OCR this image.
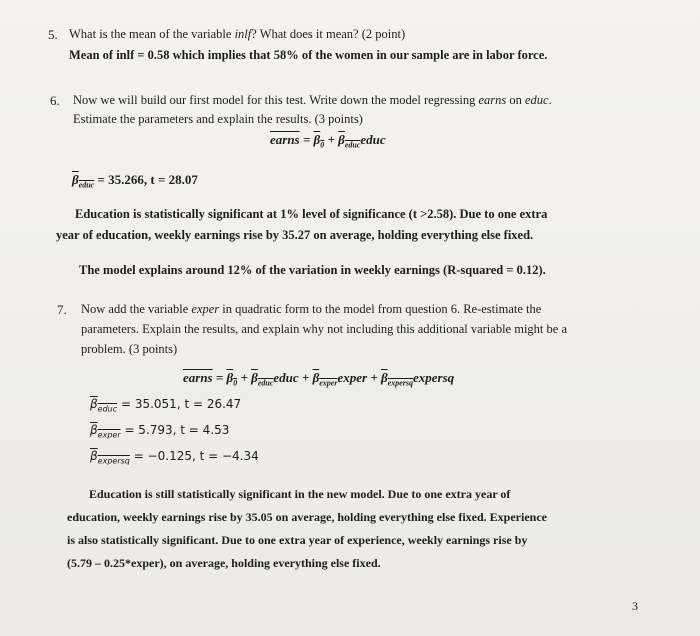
5. What is the mean of the variable inlf? What does it mean? (2 point)
Mean of inlf = 0.58 which implies that 58% of the women in our sample are in labor force.
6. Now we will build our first model for this test. Write down the model regressing earns on educ.
Estimate the parameters and explain the results. (3 points)
earns = $\beta_0$ + $\beta_{educ}educ$
$\beta_{educ} = 35.266$, t = 28.07
Education is statistically significant at 1% level of significance (t >2.58). Due to one extra
year of education, weekly earnings rise by 35.27 on average, holding everything else fixed.
The model explains around 12% of the variation in weekly earnings (R-squared = 0.12).
7. Now add the variable exper in quadratic form to the model from question 6. Re-estimate the
parameters. Explain the results, and explain why not including this additional variable might be a
problem. (3 points)
earns = $\beta_0$ + $\beta_{educ}educ$ + $\beta_{exper}exper$ + $\beta_{expersq}expersq$
$\beta_{educ} = 35.051$, t = 26.47
$\beta_{exper} = 5.793$, t = 4.53
$\beta_{expersq} = -0.125$, t = −4.34
Education is still statistically significant in the new model. Due to one extra year of
education, weekly earnings rise by 35.05 on average, holding everything else fixed. Experience
is also statistically significant. Due to one extra year of experience, weekly earnings rise by
(5.79 – 0.25*exper), on average, holding everything else fixed.
3
